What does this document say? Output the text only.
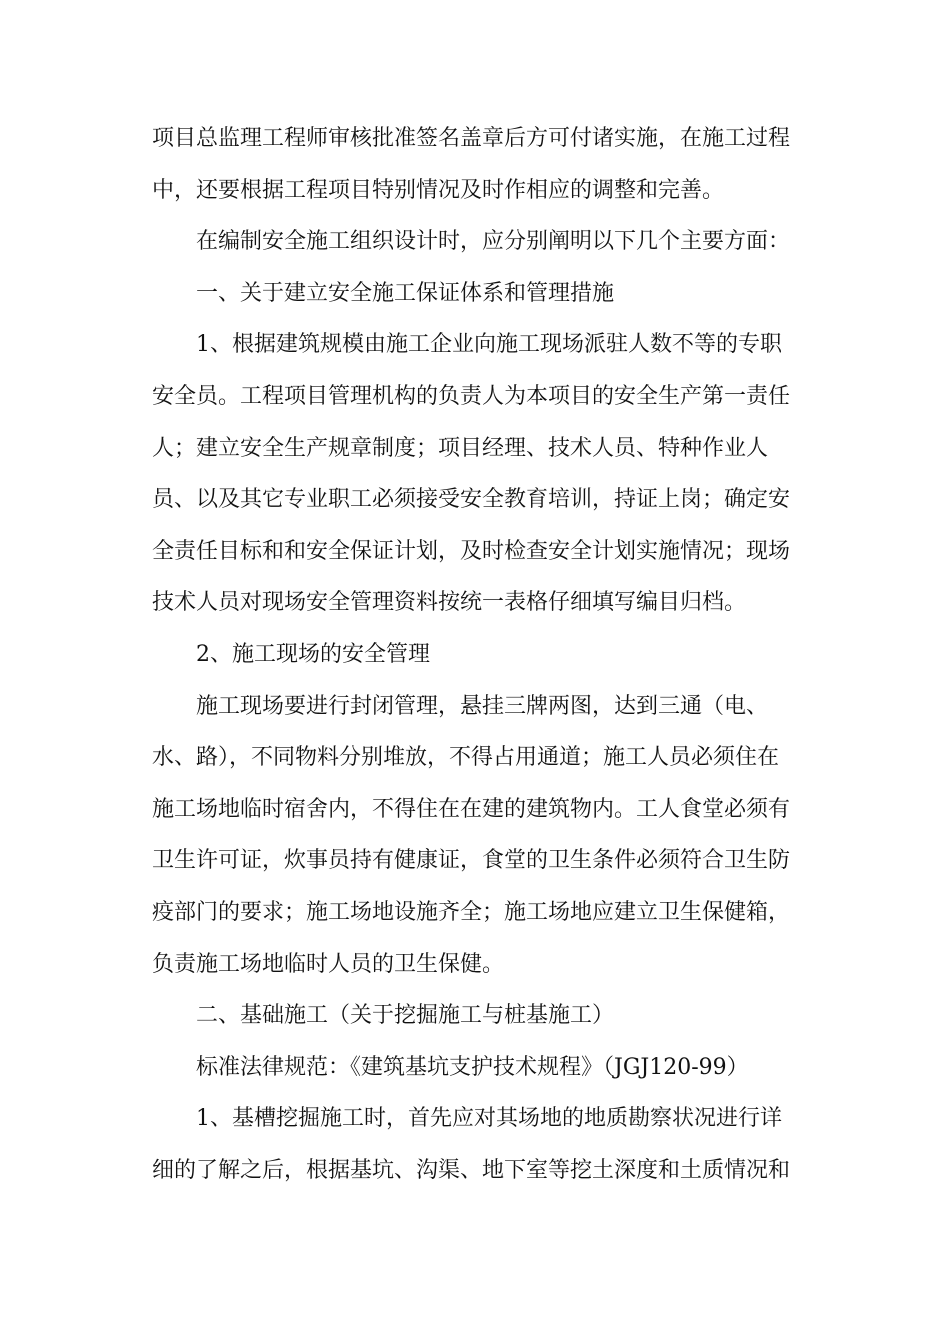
项目总监理工程师审核批准签名盖章后方可付诸实施，在施工过程
中，还要根据工程项目特别情况及时作相应的调整和完善。
在编制安全施工组织设计时，应分别阐明以下几个主要方面：
一、关于建立安全施工保证体系和管理措施
1、根据建筑规模由施工企业向施工现场派驻人数不等的专职
安全员。工程项目管理机构的负责人为本项目的安全生产第一责任
人；建立安全生产规章制度；项目经理、技术人员、特种作业人
员、以及其它专业职工必须接受安全教育培训，持证上岗；确定安
全责任目标和和安全保证计划，及时检查安全计划实施情况；现场
技术人员对现场安全管理资料按统一表格仔细填写编目归档。
2、施工现场的安全管理
施工现场要进行封闭管理，悬挂三牌两图，达到三通（电、
水、路），不同物料分别堆放，不得占用通道；施工人员必须住在
施工场地临时宿舍内，不得住在在建的建筑物内。工人食堂必须有
卫生许可证，炊事员持有健康证，食堂的卫生条件必须符合卫生防
疫部门的要求；施工场地设施齐全；施工场地应建立卫生保健箱，
负责施工场地临时人员的卫生保健。
二、基础施工（关于挖掘施工与桩基施工）
标准法律规范：《建筑基坑支护技术规程》（JGJ120-99）
1、基槽挖掘施工时，首先应对其场地的地质勘察状况进行详
细的了解之后，根据基坑、沟渠、地下室等挖土深度和土质情况和
